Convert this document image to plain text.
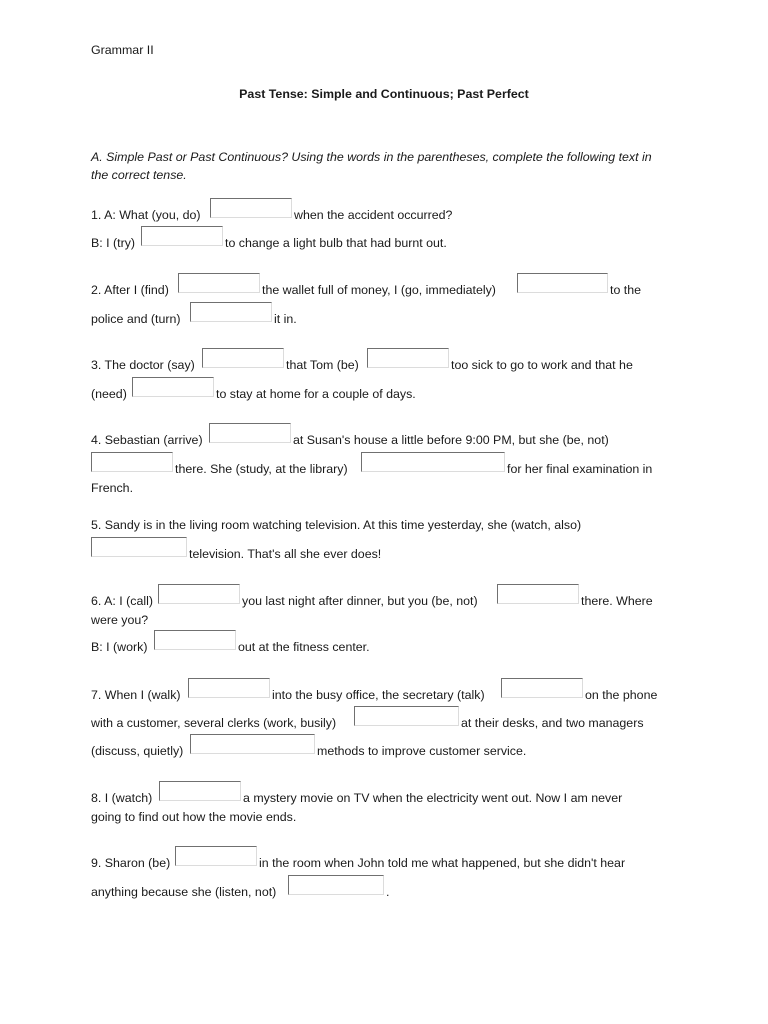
Grammar II
Past Tense: Simple and Continuous; Past Perfect
A. Simple Past or Past Continuous? Using the words in the parentheses, complete the following text in the correct tense.
1. A: What (you, do)	when the accident occurred?
B: I (try)	to change a light bulb that had burnt out.
2. After I (find)	the wallet full of money, I (go, immediately)	to the
police and (turn)	it in.
3. The doctor (say)	that Tom (be)	too sick to go to work and that he
(need)	to stay at home for a couple of days.
4. Sebastian (arrive)	at Susan's house a little before 9:00 PM, but she (be, not)
there. She (study, at the library)	for her final examination in
French.
5. Sandy is in the living room watching television. At this time yesterday, she (watch, also)
television. That's all she ever does!
6. A: I (call)	you last night after dinner, but you (be, not)	there. Where
were you?
B: I (work)	out at the fitness center.
7. When I (walk)	into the busy office, the secretary (talk)	on the phone
with a customer, several clerks (work, busily)	at their desks, and two managers
(discuss, quietly)	methods to improve customer service.
8. I (watch)	a mystery movie on TV when the electricity went out. Now I am never
going to find out how the movie ends.
9. Sharon (be)	in the room when John told me what happened, but she didn't hear
anything because she (listen, not)	.
